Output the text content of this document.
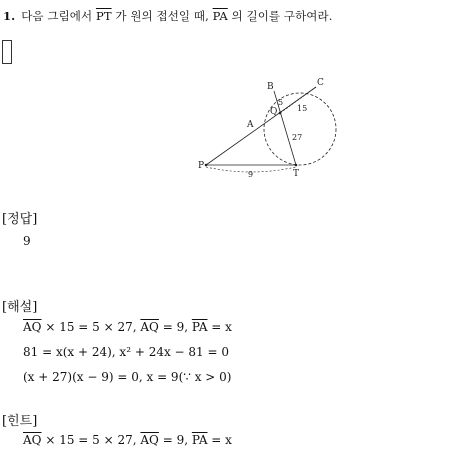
1. 다음 그림에서 $\overline{PT}$ 가 원의 접선일 때, $\overline{PA}$ 의 길이를 구하여라.
B	C
Q
A
P
T
5
15
27
9
[정답]
9
[해설]
$\overline{AQ} \times 15 = 5 \times 27$, $\overline{AQ} = 9$, $\overline{PA} = x$
81 = x(x + 24), x² + 24x − 81 = 0
(x + 27)(x − 9) = 0, x = 9(∵ x > 0)
[힌트]
$\overline{AQ} \times 15 = 5 \times 27$, $\overline{AQ} = 9$, $\overline{PA} = x$
